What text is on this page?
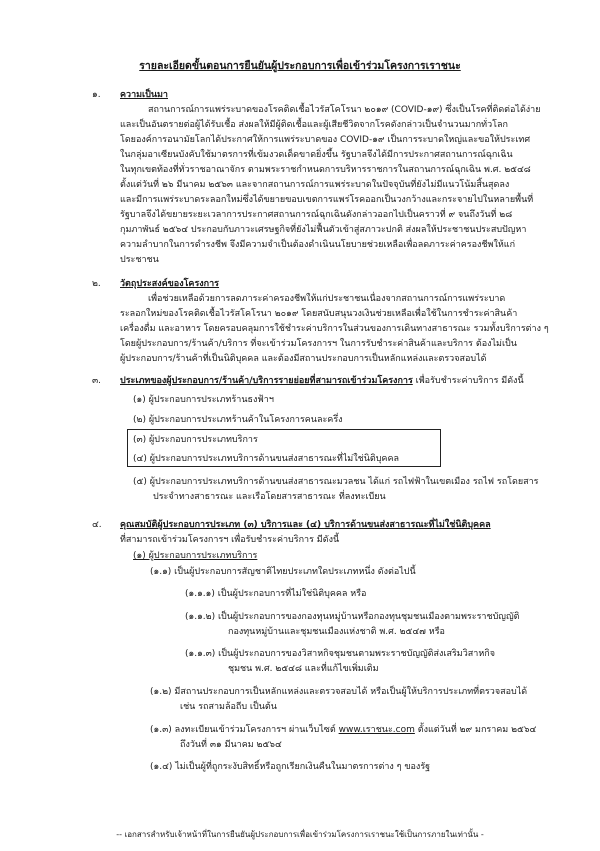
รายละเอียดขั้นตอนการยืนยันผู้ประกอบการเพื่อเข้าร่วมโครงการเราชนะ
๑. ความเป็นมา
สถานการณ์การแพร่ระบาดของโรคติดเชื้อไวรัสโคโรนา ๒๐๑๙ (COVID-๑๙) ซึ่งเป็นโรคที่ติดต่อได้ง่าย
และเป็นอันตรายต่อผู้ได้รับเชื้อ ส่งผลให้มีผู้ติดเชื้อและผู้เสียชีวิตจากโรคดังกล่าวเป็นจำนวนมากทั่วโลก
โดยองค์การอนามัยโลกได้ประกาศให้การแพร่ระบาดของ COVID-๑๙ เป็นการระบาดใหญ่และขอให้ประเทศ
ในกลุ่มอาเซียนบังคับใช้มาตรการที่เข้มงวดเด็ดขาดยิ่งขึ้น รัฐบาลจึงได้มีการประกาศสถานการณ์ฉุกเฉิน
ในทุกเขตท้องที่ทั่วราชอาณาจักร ตามพระราชกำหนดการบริหารราชการในสถานการณ์ฉุกเฉิน พ.ศ. ๒๕๔๘
ตั้งแต่วันที่ ๒๖ มีนาคม ๒๕๖๓ และจากสถานการณ์การแพร่ระบาดในปัจจุบันที่ยังไม่มีแนวโน้มสิ้นสุดลง
และมีการแพร่ระบาดระลอกใหม่ซึ่งได้ขยายขอบเขตการแพร่โรคออกเป็นวงกว้างและกระจายไปในหลายพื้นที่
รัฐบาลจึงได้ขยายระยะเวลาการประกาศสถานการณ์ฉุกเฉินดังกล่าวออกไปเป็นคราวที่ ๙ จนถึงวันที่ ๒๘
กุมภาพันธ์ ๒๕๖๔ ประกอบกับภาวะเศรษฐกิจที่ยังไม่ฟื้นตัวเข้าสู่สภาวะปกติ ส่งผลให้ประชาชนประสบปัญหา
ความลำบากในการดำรงชีพ จึงมีความจำเป็นต้องดำเนินนโยบายช่วยเหลือเพื่อลดภาระค่าครองชีพให้แก่
ประชาชน
๒. วัตถุประสงค์ของโครงการ
เพื่อช่วยเหลือด้วยการลดภาระค่าครองชีพให้แก่ประชาชนเนื่องจากสถานการณ์การแพร่ระบาด
ระลอกใหม่ของโรคติดเชื้อไวรัสโคโรนา ๒๐๑๙ โดยสนับสนุนวงเงินช่วยเหลือเพื่อใช้ในการชำระค่าสินค้า
เครื่องดื่ม และอาหาร โดยครอบคลุมการใช้ชำระค่าบริการในส่วนของการเดินทางสาธารณะ รวมทั้งบริการต่าง ๆ
โดยผู้ประกอบการ/ร้านค้า/บริการ ที่จะเข้าร่วมโครงการฯ ในการรับชำระค่าสินค้าและบริการ ต้องไม่เป็น
ผู้ประกอบการ/ร้านค้าที่เป็นนิติบุคคล และต้องมีสถานประกอบการเป็นหลักแหล่งและตรวจสอบได้
๓. ประเภทของผู้ประกอบการ/ร้านค้า/บริการรายย่อยที่สามารถเข้าร่วมโครงการ เพื่อรับชำระค่าบริการ มีดังนี้
(๑) ผู้ประกอบการประเภทร้านธงฟ้าฯ
(๒) ผู้ประกอบการประเภทร้านค้าในโครงการคนละครึ่ง
(๓) ผู้ประกอบการประเภทบริการ
(๔) ผู้ประกอบการประเภทบริการด้านขนส่งสาธารณะที่ไม่ใช่นิติบุคคล
(๕) ผู้ประกอบการประเภทบริการด้านขนส่งสาธารณะมวลชน ได้แก่ รถไฟฟ้าในเขตเมือง รถไฟ รถโดยสาร
ประจำทางสาธารณะ และเรือโดยสารสาธารณะ ที่ลงทะเบียน
๔. คุณสมบัติผู้ประกอบการประเภท (๓) บริการและ (๔) บริการด้านขนส่งสาธารณะที่ไม่ใช่นิติบุคคล
ที่สามารถเข้าร่วมโครงการฯ เพื่อรับชำระค่าบริการ มีดังนี้
(๑) ผู้ประกอบการประเภทบริการ
(๑.๑) เป็นผู้ประกอบการสัญชาติไทยประเภทใดประเภทหนึ่ง ดังต่อไปนี้
(๑.๑.๑) เป็นผู้ประกอบการที่ไม่ใช่นิติบุคคล หรือ
(๑.๑.๒) เป็นผู้ประกอบการของกองทุนหมู่บ้านหรือกองทุนชุมชนเมืองตามพระราชบัญญัติ
กองทุนหมู่บ้านและชุมชนเมืองแห่งชาติ พ.ศ. ๒๕๔๗ หรือ
(๑.๑.๓) เป็นผู้ประกอบการของวิสาหกิจชุมชนตามพระราชบัญญัติส่งเสริมวิสาหกิจ
ชุมชน พ.ศ. ๒๕๔๘ และที่แก้ไขเพิ่มเติม
(๑.๒) มีสถานประกอบการเป็นหลักแหล่งและตรวจสอบได้ หรือเป็นผู้ให้บริการประเภทที่ตรวจสอบได้
เช่น รถสามล้อถีบ เป็นต้น
(๑.๓) ลงทะเบียนเข้าร่วมโครงการฯ ผ่านเว็บไซต์ www.เราชนะ.com ตั้งแต่วันที่ ๒๙ มกราคม ๒๕๖๔
ถึงวันที่ ๓๑ มีนาคม ๒๕๖๔
(๑.๔) ไม่เป็นผู้ที่ถูกระงับสิทธิ์หรือถูกเรียกเงินคืนในมาตรการต่าง ๆ ของรัฐ
-- เอกสารสำหรับเจ้าหน้าที่ในการยืนยันผู้ประกอบการเพื่อเข้าร่วมโครงการเราชนะใช้เป็นการภายในเท่านั้น -
